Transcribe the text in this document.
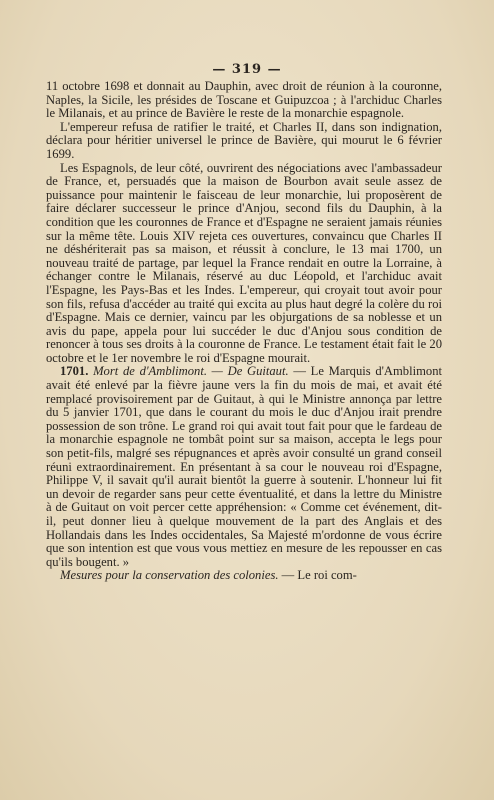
— 319 —

11 octobre 1698 et donnait au Dauphin, avec droit de réunion à la couronne, Naples, la Sicile, les présides de Toscane et Guipuzcoa ; à l'archiduc Charles le Milanais, et au prince de Bavière le reste de la monarchie espagnole.

L'empereur refusa de ratifier le traité, et Charles II, dans son indignation, déclara pour héritier universel le prince de Bavière, qui mourut le 6 février 1699.

Les Espagnols, de leur côté, ouvrirent des négociations avec l'ambassadeur de France, et, persuadés que la maison de Bourbon avait seule assez de puissance pour maintenir le faisceau de leur monarchie, lui proposèrent de faire déclarer successeur le prince d'Anjou, second fils du Dauphin, à la condition que les couronnes de France et d'Espagne ne seraient jamais réunies sur la même tête. Louis XIV rejeta ces ouvertures, convaincu que Charles II ne déshériterait pas sa maison, et réussit à conclure, le 13 mai 1700, un nouveau traité de partage, par lequel la France rendait en outre la Lorraine, à échanger contre le Milanais, réservé au duc Léopold, et l'archiduc avait l'Espagne, les Pays-Bas et les Indes. L'empereur, qui croyait tout avoir pour son fils, refusa d'accéder au traité qui excita au plus haut degré la colère du roi d'Espagne. Mais ce dernier, vaincu par les objurgations de sa noblesse et un avis du pape, appela pour lui succéder le duc d'Anjou sous condition de renoncer à tous ses droits à la couronne de France. Le testament était fait le 20 octobre et le 1er novembre le roi d'Espagne mourait.

1701. Mort de d'Amblimont. — De Guitaut. — Le Marquis d'Amblimont avait été enlevé par la fièvre jaune vers la fin du mois de mai, et avait été remplacé provisoirement par de Guitaut, à qui le Ministre annonça par lettre du 5 janvier 1701, que dans le courant du mois le duc d'Anjou irait prendre possession de son trône. Le grand roi qui avait tout fait pour que le fardeau de la monarchie espagnole ne tombât point sur sa maison, accepta le legs pour son petit-fils, malgré ses répugnances et après avoir consulté un grand conseil réuni extraordinairement. En présentant à sa cour le nouveau roi d'Espagne, Philippe V, il savait qu'il aurait bientôt la guerre à soutenir. L'honneur lui fit un devoir de regarder sans peur cette éventualité, et dans la lettre du Ministre à de Guitaut on voit percer cette appréhension: « Comme cet événement, dit-il, peut donner lieu à quelque mouvement de la part des Anglais et des Hollandais dans les Indes occidentales, Sa Majesté m'ordonne de vous écrire que son intention est que vous vous mettiez en mesure de les repousser en cas qu'ils bougent. »

Mesures pour la conservation des colonies. — Le roi com-
